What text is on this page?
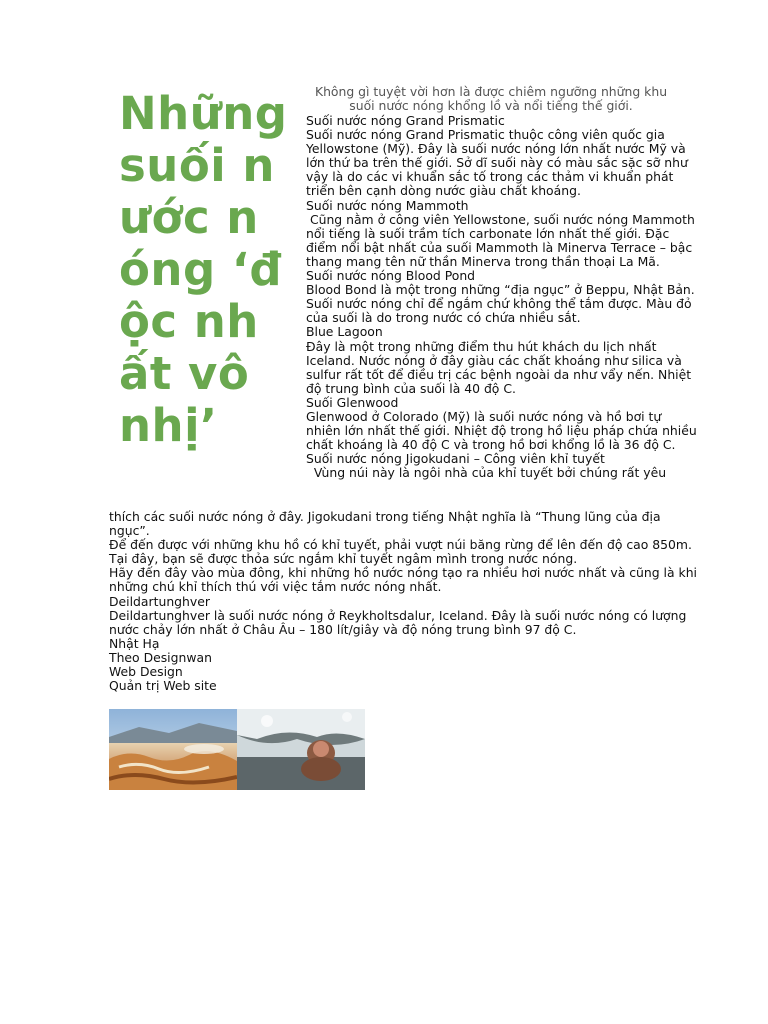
Những suối nước nóng ‘độc nhất vô nhị’

Không gì tuyệt vời hơn là được chiêm ngưỡng những khu suối nước nóng khổng lồ và nổi tiếng thế giới.

Suối nước nóng Grand Prismatic

Suối nước nóng Grand Prismatic thuộc công viên quốc gia Yellowstone (Mỹ). Đây là suối nước nóng lớn nhất nước Mỹ và lớn thứ ba trên thế giới. Sở dĩ suối này có màu sắc sặc sỡ như vậy là do các vi khuẩn sắc tố trong các thảm vi khuẩn phát triển bên cạnh dòng nước giàu chất khoáng.

Suối nước nóng Mammoth

Cũng nằm ở công viên Yellowstone, suối nước nóng Mammoth nổi tiếng là suối trầm tích carbonate lớn nhất thế giới. Đặc điểm nổi bật nhất của suối Mammoth là Minerva Terrace – bậc thang mang tên nữ thần Minerva trong thần thoại La Mã.

Suối nước nóng Blood Pond

Blood Bond là một trong những “địa ngục” ở Beppu, Nhật Bản. Suối nước nóng chỉ để ngắm chứ không thể tắm được. Màu đỏ của suối là do trong nước có chứa nhiều sắt.

Blue Lagoon

Đây là một trong những điểm thu hút khách du lịch nhất Iceland. Nước nóng ở đây giàu các chất khoáng như silica và sulfur rất tốt để điều trị các bệnh ngoài da như vẩy nến. Nhiệt độ trung bình của suối là 40 độ C.

Suối Glenwood

Glenwood ở Colorado (Mỹ) là suối nước nóng và hồ bơi tự nhiên lớn nhất thế giới. Nhiệt độ trong hồ liệu pháp chứa nhiều chất khoáng là 40 độ C và trong hồ bơi khổng lồ là 36 độ C.

Suối nước nóng Jigokudani – Công viên khỉ tuyết

Vùng núi này là ngôi nhà của khỉ tuyết bởi chúng rất yêu

thích các suối nước nóng ở đây. Jigokudani trong tiếng Nhật nghĩa là “Thung lũng của địa ngục”.

Để đến được với những khu hồ có khỉ tuyết, phải vượt núi băng rừng để lên đến độ cao 850m. Tại đây, bạn sẽ được thỏa sức ngắm khỉ tuyết ngâm mình trong nước nóng.

Hãy đến đây vào mùa đông, khi những hồ nước nóng tạo ra nhiều hơi nước nhất và cũng là khi những chú khỉ thích thú với việc tắm nước nóng nhất.

Deildartunghver

Deildartunghver là suối nước nóng ở Reykholtsdalur, Iceland. Đây là suối nước nóng có lượng nước chảy lớn nhất ở Châu Âu – 180 lít/giây và độ nóng trung bình 97 độ C.

Nhật Hạ

Theo Designwan

Web Design

Quản trị Web site
